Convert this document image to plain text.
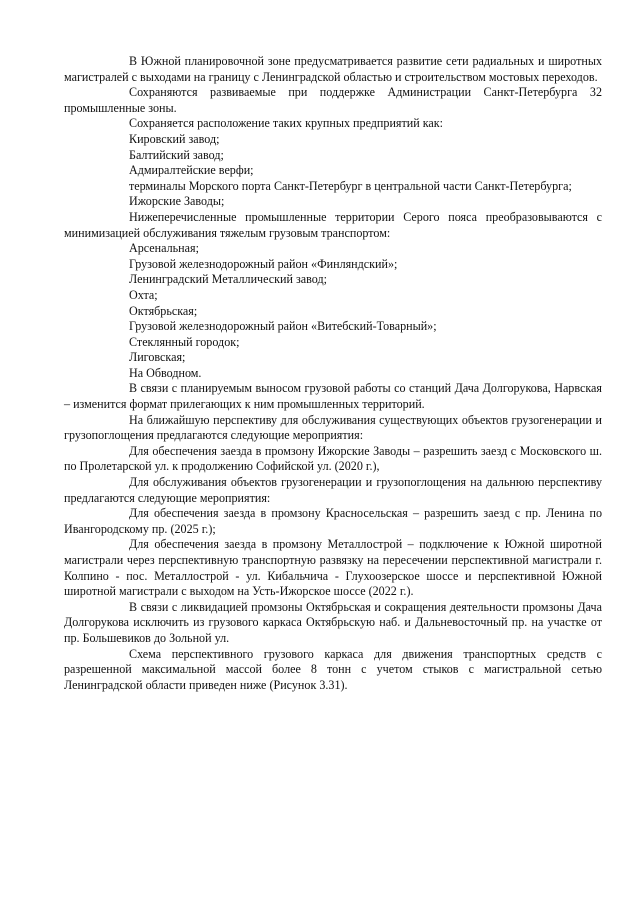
В Южной планировочной зоне предусматривается развитие сети радиальных и широтных магистралей с выходами на границу с Ленинградской областью и строительством мостовых переходов.

Сохраняются развиваемые при поддержке Администрации Санкт-Петербурга 32 промышленные зоны.

Сохраняется расположение таких крупных предприятий как:

Кировский завод;

Балтийский завод;

Адмиралтейские верфи;

терминалы Морского порта Санкт-Петербург в центральной части Санкт-Петербурга;

Ижорские Заводы;

Нижеперечисленные промышленные территории Серого пояса преобразовываются с минимизацией обслуживания тяжелым грузовым транспортом:

Арсенальная;

Грузовой железнодорожный район «Финляндский»;

Ленинградский Металлический завод;

Охта;

Октябрьская;

Грузовой железнодорожный район «Витебский-Товарный»;

Стеклянный городок;

Лиговская;

На Обводном.

В связи с планируемым выносом грузовой работы со станций Дача Долгорукова, Нарвская – изменится формат прилегающих к ним промышленных территорий.

На ближайшую перспективу для обслуживания существующих объектов грузогенерации и грузопоглощения предлагаются следующие мероприятия:

Для обеспечения заезда в промзону Ижорские Заводы – разрешить заезд с Московского ш. по Пролетарской ул. к продолжению Софийской ул. (2020 г.),

Для обслуживания объектов грузогенерации и грузопоглощения на дальнюю перспективу предлагаются следующие мероприятия:

Для обеспечения заезда в промзону Красносельская – разрешить заезд с пр. Ленина по Ивангородскому пр. (2025 г.);

Для обеспечения заезда в промзону Металлострой – подключение к Южной широтной магистрали через перспективную транспортную развязку на пересечении перспективной магистрали г. Колпино - пос. Металлострой - ул. Кибальчича - Глухоозерское шоссе и перспективной Южной широтной магистрали с выходом на Усть-Ижорское шоссе (2022 г.).

В связи с ликвидацией промзоны Октябрьская и сокращения деятельности промзоны Дача Долгорукова исключить из грузового каркаса Октябрьскую наб. и Дальневосточный пр. на участке от пр. Большевиков до Зольной ул.

Схема перспективного грузового каркаса для движения транспортных средств с разрешенной максимальной массой более 8 тонн с учетом стыков с магистральной сетью Ленинградской области приведен ниже (Рисунок 3.31).
